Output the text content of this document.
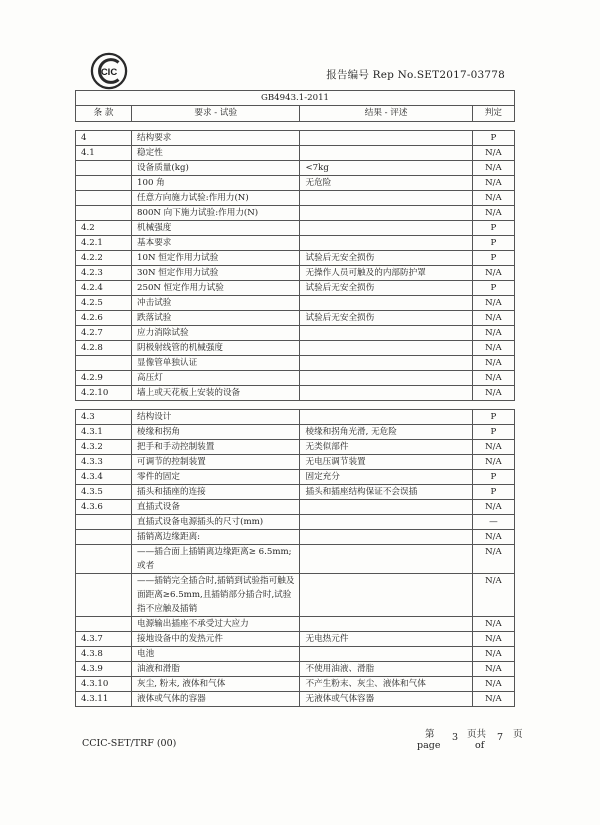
CIC	报告编号 Rep No.SET2017-03778
GB4943.1-2011			
条 款	要求 - 试验	结果 - 评述	判定

4	结构要求		P
4.1	稳定性		N/A
	设备质量(kg)	<7kg	N/A
	100 角	无危险	N/A
	任意方向施力试验:作用力(N)		N/A
	800N 向下施力试验:作用力(N)		N/A
4.2	机械强度		P
4.2.1	基本要求		P
4.2.2	10N 恒定作用力试验	试验后无安全损伤	P
4.2.3	30N 恒定作用力试验	无操作人员可触及的内部防护罩	N/A
4.2.4	250N 恒定作用力试验	试验后无安全损伤	P
4.2.5	冲击试验		N/A
4.2.6	跌落试验	试验后无安全损伤	N/A
4.2.7	应力消除试验		N/A
4.2.8	阴极射线管的机械强度		N/A
	显像管单独认证		N/A
4.2.9	高压灯		N/A
4.2.10	墙上或天花板上安装的设备		N/A

4.3	结构设计		P
4.3.1	棱缘和拐角	棱缘和拐角光滑, 无危险	P
4.3.2	把手和手动控制装置	无类似部件	N/A
4.3.3	可调节的控制装置	无电压调节装置	N/A
4.3.4	零件的固定	固定充分	P
4.3.5	插头和插座的连接	插头和插座结构保证不会误插	P
4.3.6	直插式设备		N/A
	直插式设备电源插头的尺寸(mm)		—
	插销离边缘距离:		N/A
	——插合面上插销离边缘距离≥ 6.5mm;或者		N/A
	——插销完全插合时,插销到试验指可触及面距离≥6.5mm,且插销部分插合时,试验指不应触及插销		N/A
	电源输出插座不承受过大应力		N/A
4.3.7	接地设备中的发热元件	无电热元件	N/A
4.3.8	电池		N/A
4.3.9	油液和滑脂	不使用油液、滑脂	N/A
4.3.10	灰尘, 粉末, 液体和气体	不产生粉末、灰尘、液体和气体	N/A
4.3.11	液体或气体的容器	无液体或气体容器	N/A
CCIC-SET/TRF (00)
第
page
3 页共
of
7 页
